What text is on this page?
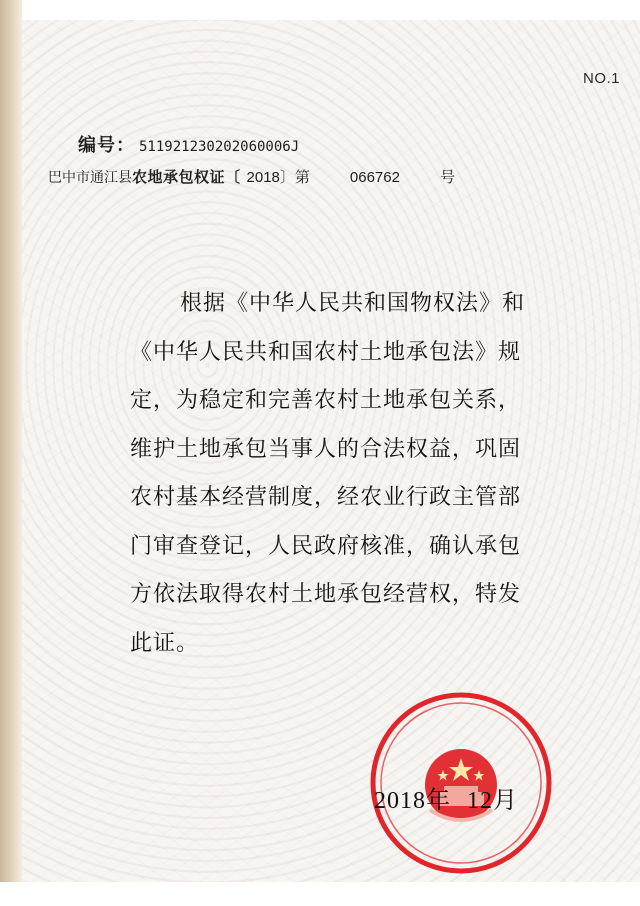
NO.1
编号： 511921230202060006J
巴中市通江县农地承包权证〔 2018〕第	066762	号
根据《中华人民共和国物权法》和
《中华人民共和国农村土地承包法》规
定，为稳定和完善农村土地承包关系，
维护土地承包当事人的合法权益，巩固
农村基本经营制度，经农业行政主管部
门审查登记，人民政府核准，确认承包
方依法取得农村土地承包经营权，特发
此证。
2018年 12月
